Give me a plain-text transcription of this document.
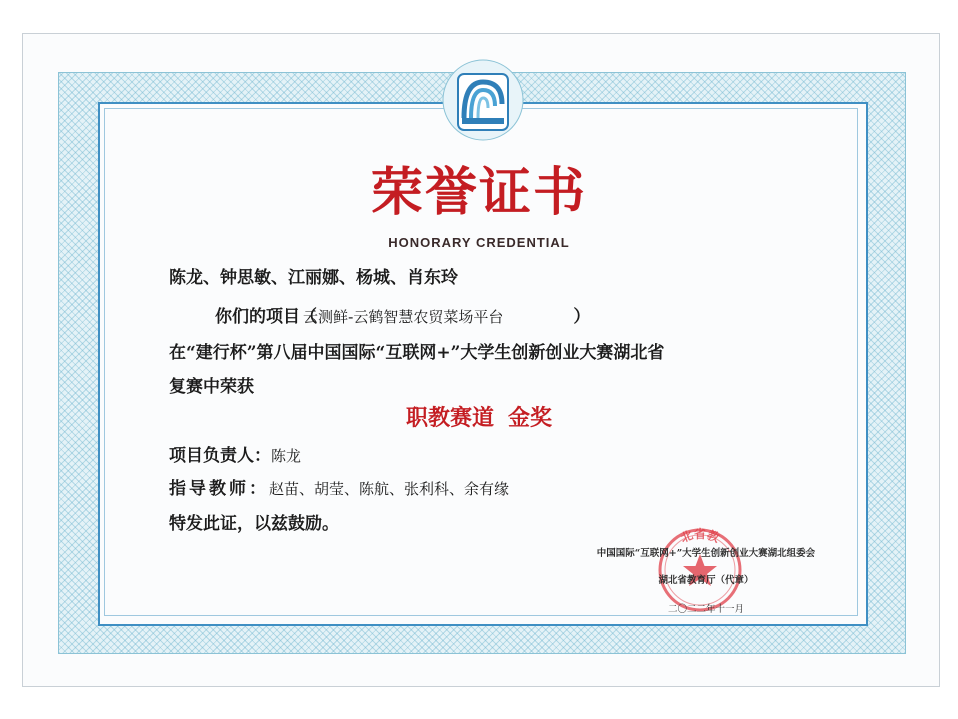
荣誉证书
HONORARY CREDENTIAL
陈龙、钟思敏、江丽娜、杨城、肖东玲
你们的项目（云测鲜-云鹤智慧农贸菜场平台	）
在“建行杯”第八届中国国际“互联网+”大学生创新创业大赛湖北省
复赛中荣获
职教赛道 金奖
项目负责人：陈龙
指导教师：赵苗、胡莹、陈航、张利科、余有缘
特发此证，以兹鼓励。
北省教
中国国际“互联网+”大学生创新创业大赛湖北组委会
湖北省教育厅（代章）
二〇二二年十一月
